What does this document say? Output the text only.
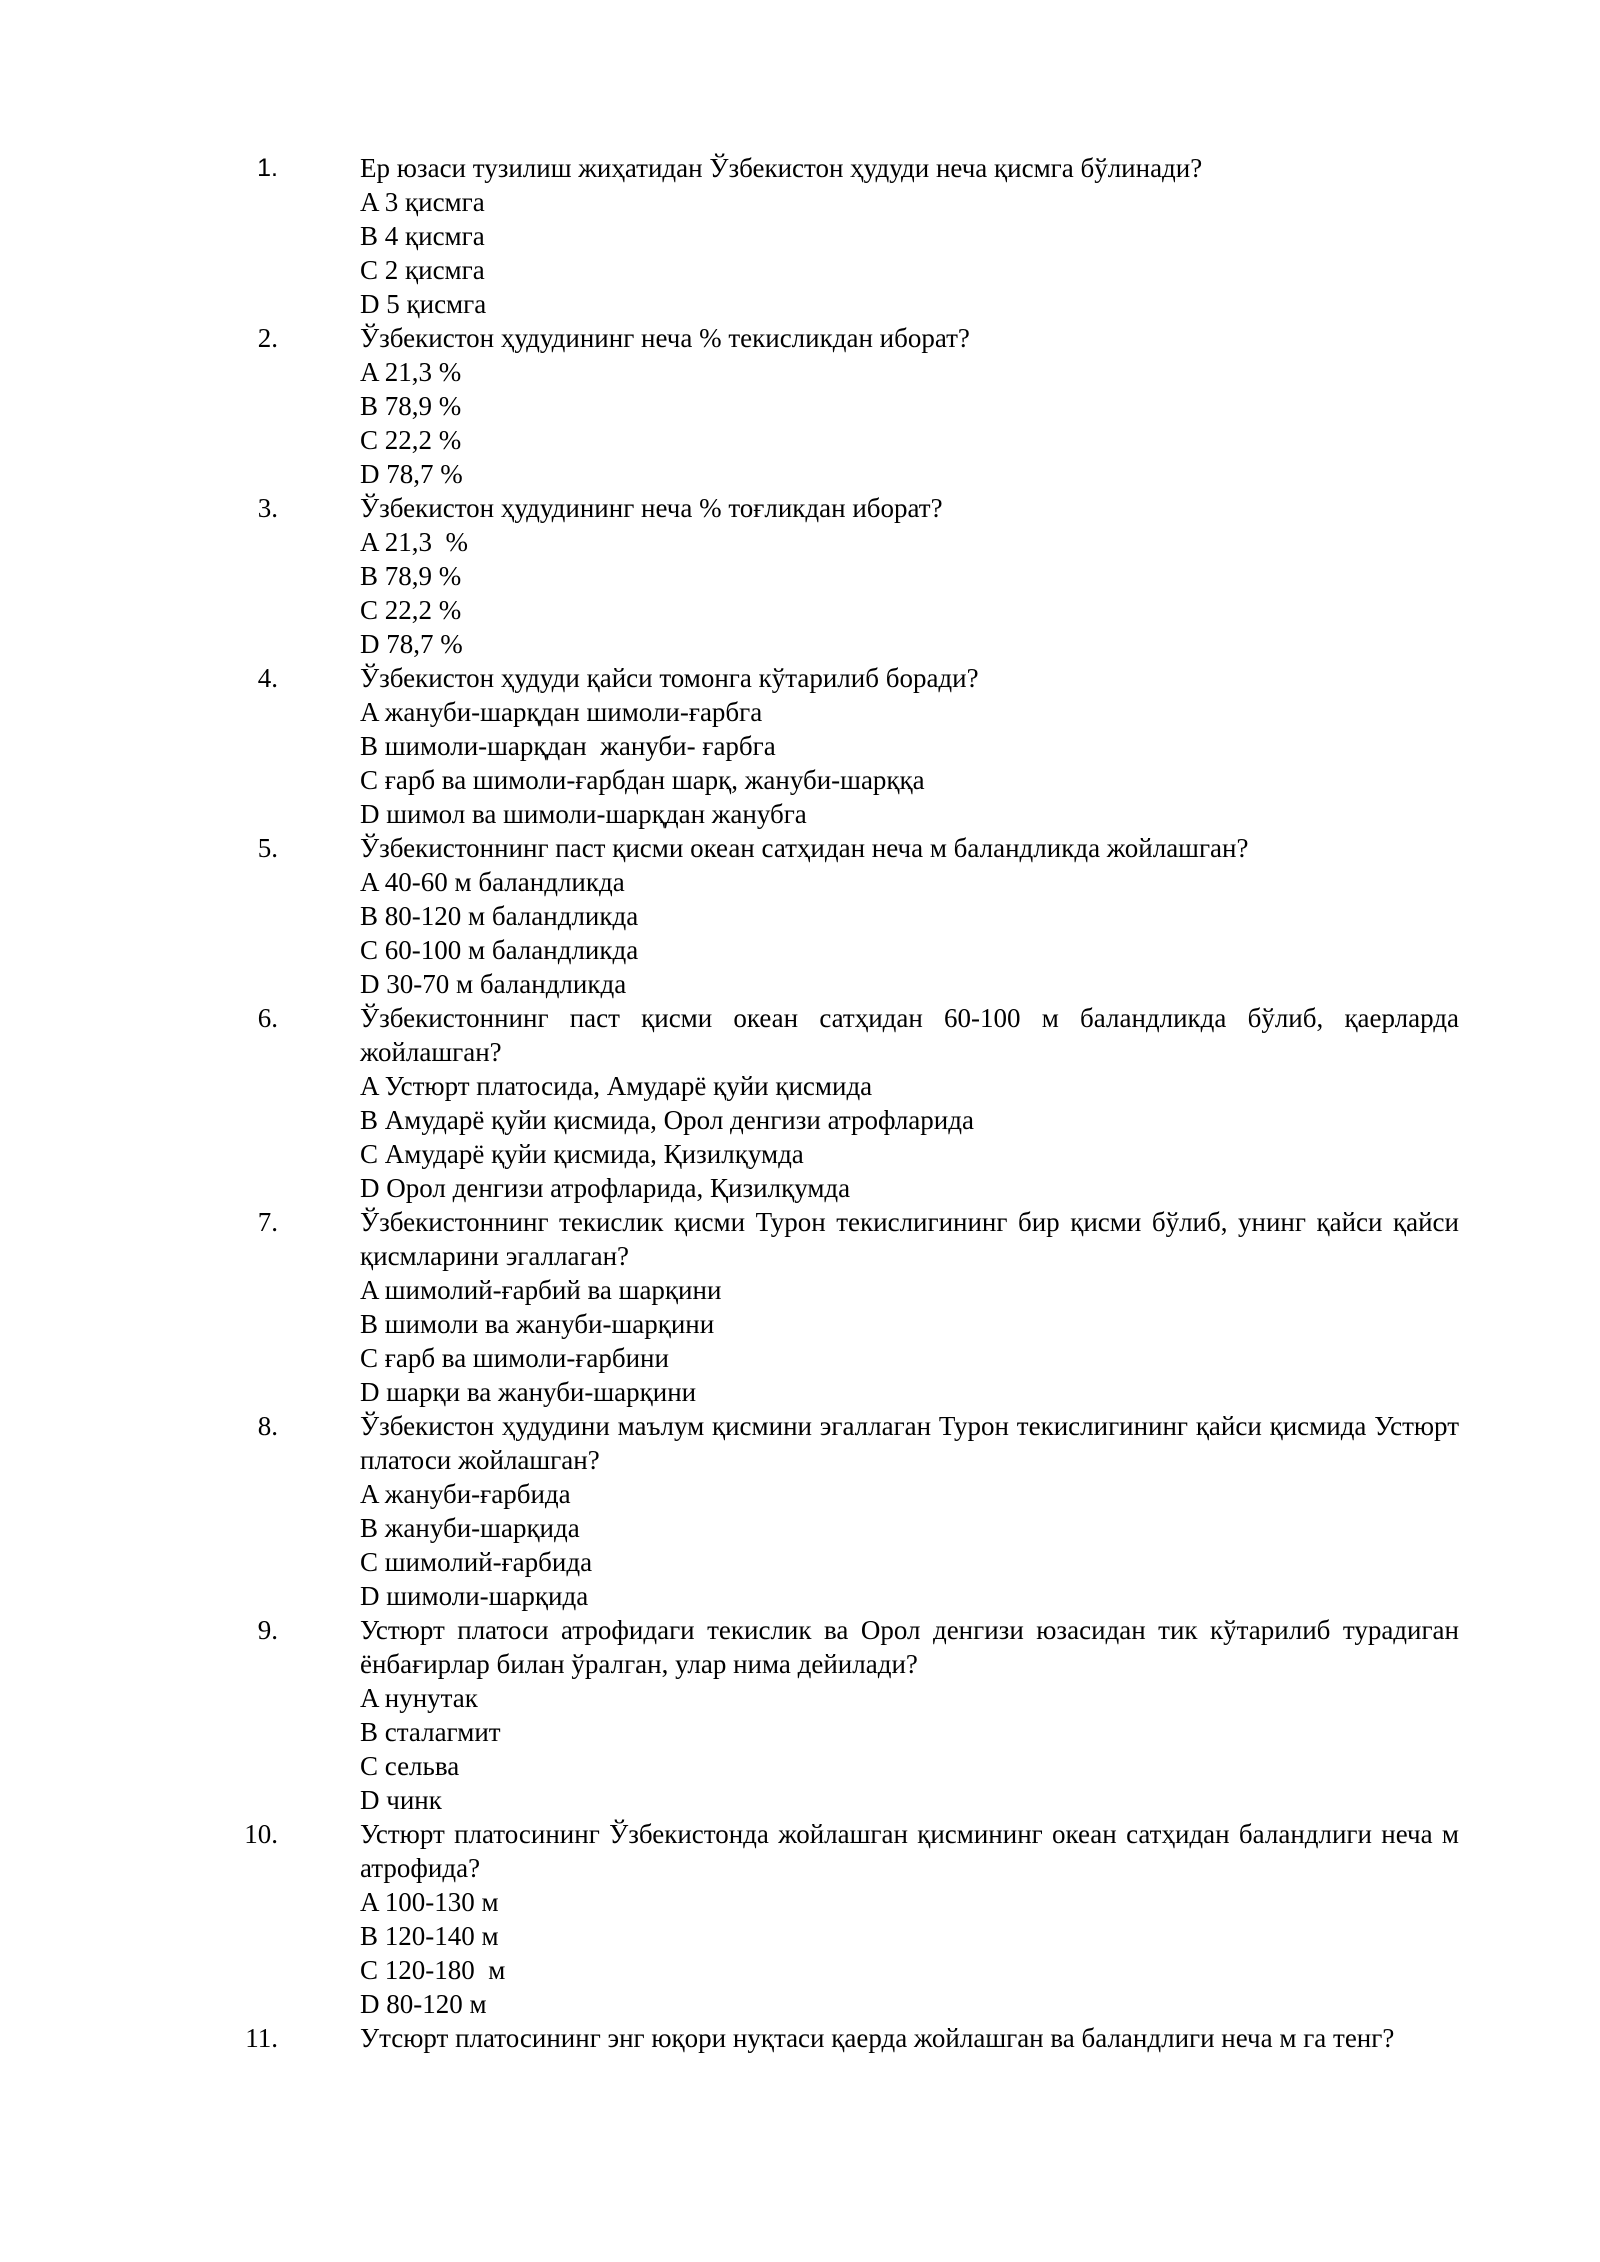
1.	Ер юзаси тузилиш жиҳатидан Ўзбекистон ҳудуди неча қисмга бўлинади?
A 3 қисмга
B 4 қисмга
C 2 қисмга
D 5 қисмга
2.	Ўзбекистон ҳудудининг неча % текисликдан иборат?
A 21,3 %
B 78,9 %
C 22,2 %
D 78,7 %
3.	Ўзбекистон ҳудудининг неча % тоғликдан иборат?
A 21,3  %
B 78,9 %
C 22,2 %
D 78,7 %
4.	Ўзбекистон ҳудуди қайси томонга кўтарилиб боради?
A жануби-шарқдан шимоли-ғарбга
B шимоли-шарқдан  жануби- ғарбга
C ғарб ва шимоли-ғарбдан шарқ, жануби-шарққа
D шимол ва шимоли-шарқдан жанубга
5.	Ўзбекистоннинг паст қисми океан сатҳидан неча м баландликда жойлашган?
A 40-60 м баландликда
B 80-120 м баландликда
C 60-100 м баландликда
D 30-70 м баландликда
6.	Ўзбекистоннинг паст қисми океан сатҳидан 60-100 м баландликда бўлиб, қаерларда жойлашган?
A Устюрт платосида, Амударё қуйи қисмида
B Амударё қуйи қисмида, Орол денгизи атрофларида
C Амударё қуйи қисмида, Қизилқумда
D Орол денгизи атрофларида, Қизилқумда
7.	Ўзбекистоннинг текислик қисми Турон текислигининг бир қисми бўлиб, унинг қайси қайси қисмларини эгаллаган?
A шимолий-ғарбий ва шарқини
B шимоли ва жануби-шарқини
C ғарб ва шимоли-ғарбини
D шарқи ва жануби-шарқини
8.	Ўзбекистон ҳудудини маълум қисмини эгаллаган Турон текислигининг қайси қисмида Устюрт платоси жойлашган?
A жануби-ғарбида
B жануби-шарқида
C шимолий-ғарбида
D шимоли-шарқида
9.	Устюрт платоси атрофидаги текислик ва Орол денгизи юзасидан тик кўтарилиб турадиган ёнбағирлар билан ўралган, улар нима дейилади?
A нунутак
B сталагмит
C сельва
D чинк
10.	Устюрт платосининг Ўзбекистонда жойлашган қисмининг океан сатҳидан баландлиги неча м атрофида?
A 100-130 м
B 120-140 м
C 120-180  м
D 80-120 м
11.	Утсюрт платосининг энг юқори нуқтаси қаерда жойлашган ва баландлиги неча м га тенг?
